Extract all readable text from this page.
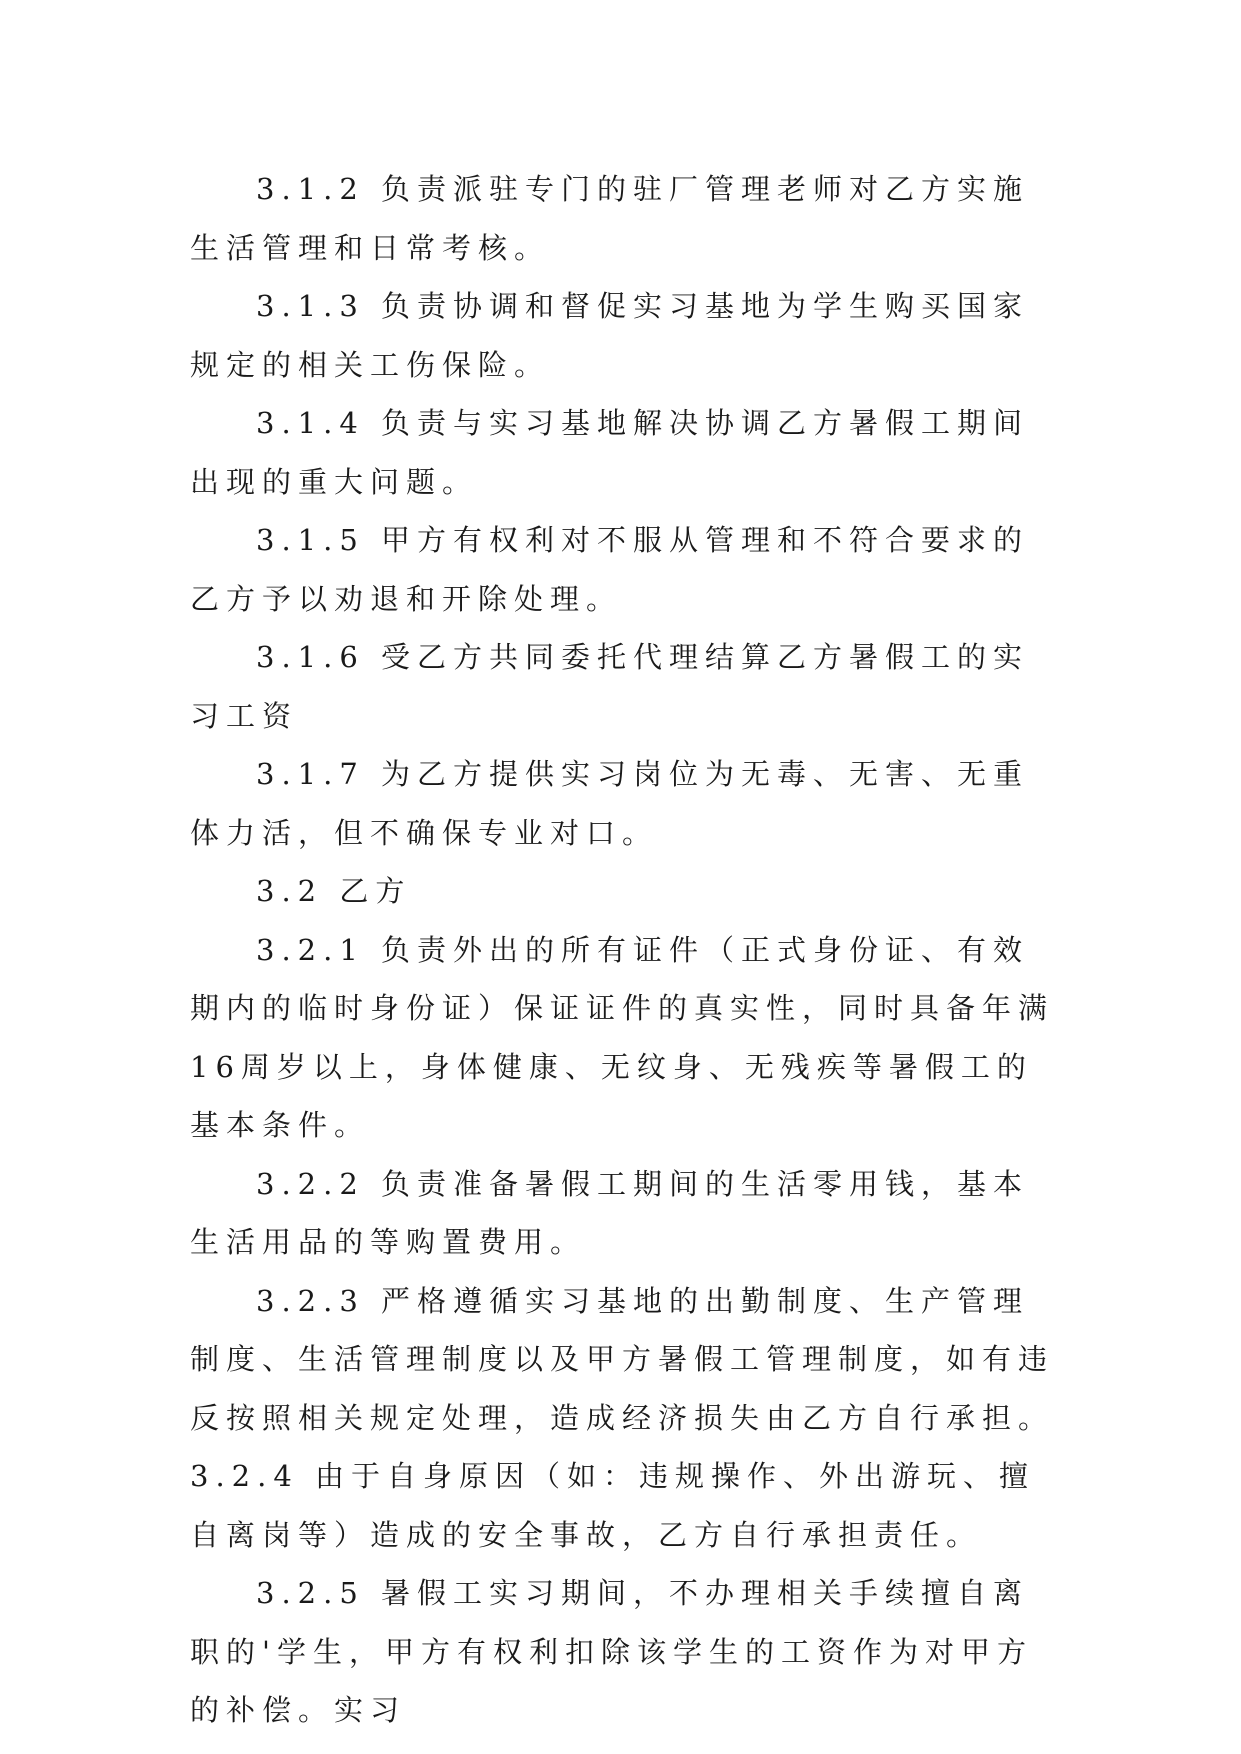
3.1.2 负责派驻专门的驻厂管理老师对乙方实施生活管理和日常考核。

3.1.3 负责协调和督促实习基地为学生购买国家规定的相关工伤保险。

3.1.4 负责与实习基地解决协调乙方暑假工期间出现的重大问题。

3.1.5 甲方有权利对不服从管理和不符合要求的乙方予以劝退和开除处理。

3.1.6 受乙方共同委托代理结算乙方暑假工的实习工资

3.1.7 为乙方提供实习岗位为无毒、无害、无重体力活，但不确保专业对口。

3.2 乙方

3.2.1 负责外出的所有证件（正式身份证、有效期内的临时身份证）保证证件的真实性，同时具备年满16周岁以上，身体健康、无纹身、无残疾等暑假工的基本条件。

3.2.2 负责准备暑假工期间的生活零用钱，基本生活用品的等购置费用。

3.2.3 严格遵循实习基地的出勤制度、生产管理制度、生活管理制度以及甲方暑假工管理制度，如有违反按照相关规定处理，造成经济损失由乙方自行承担。3.2.4 由于自身原因（如：违规操作、外出游玩、擅自离岗等）造成的安全事故，乙方自行承担责任。

3.2.5 暑假工实习期间，不办理相关手续擅自离职的'学生，甲方有权利扣除该学生的工资作为对甲方的补偿。实习
